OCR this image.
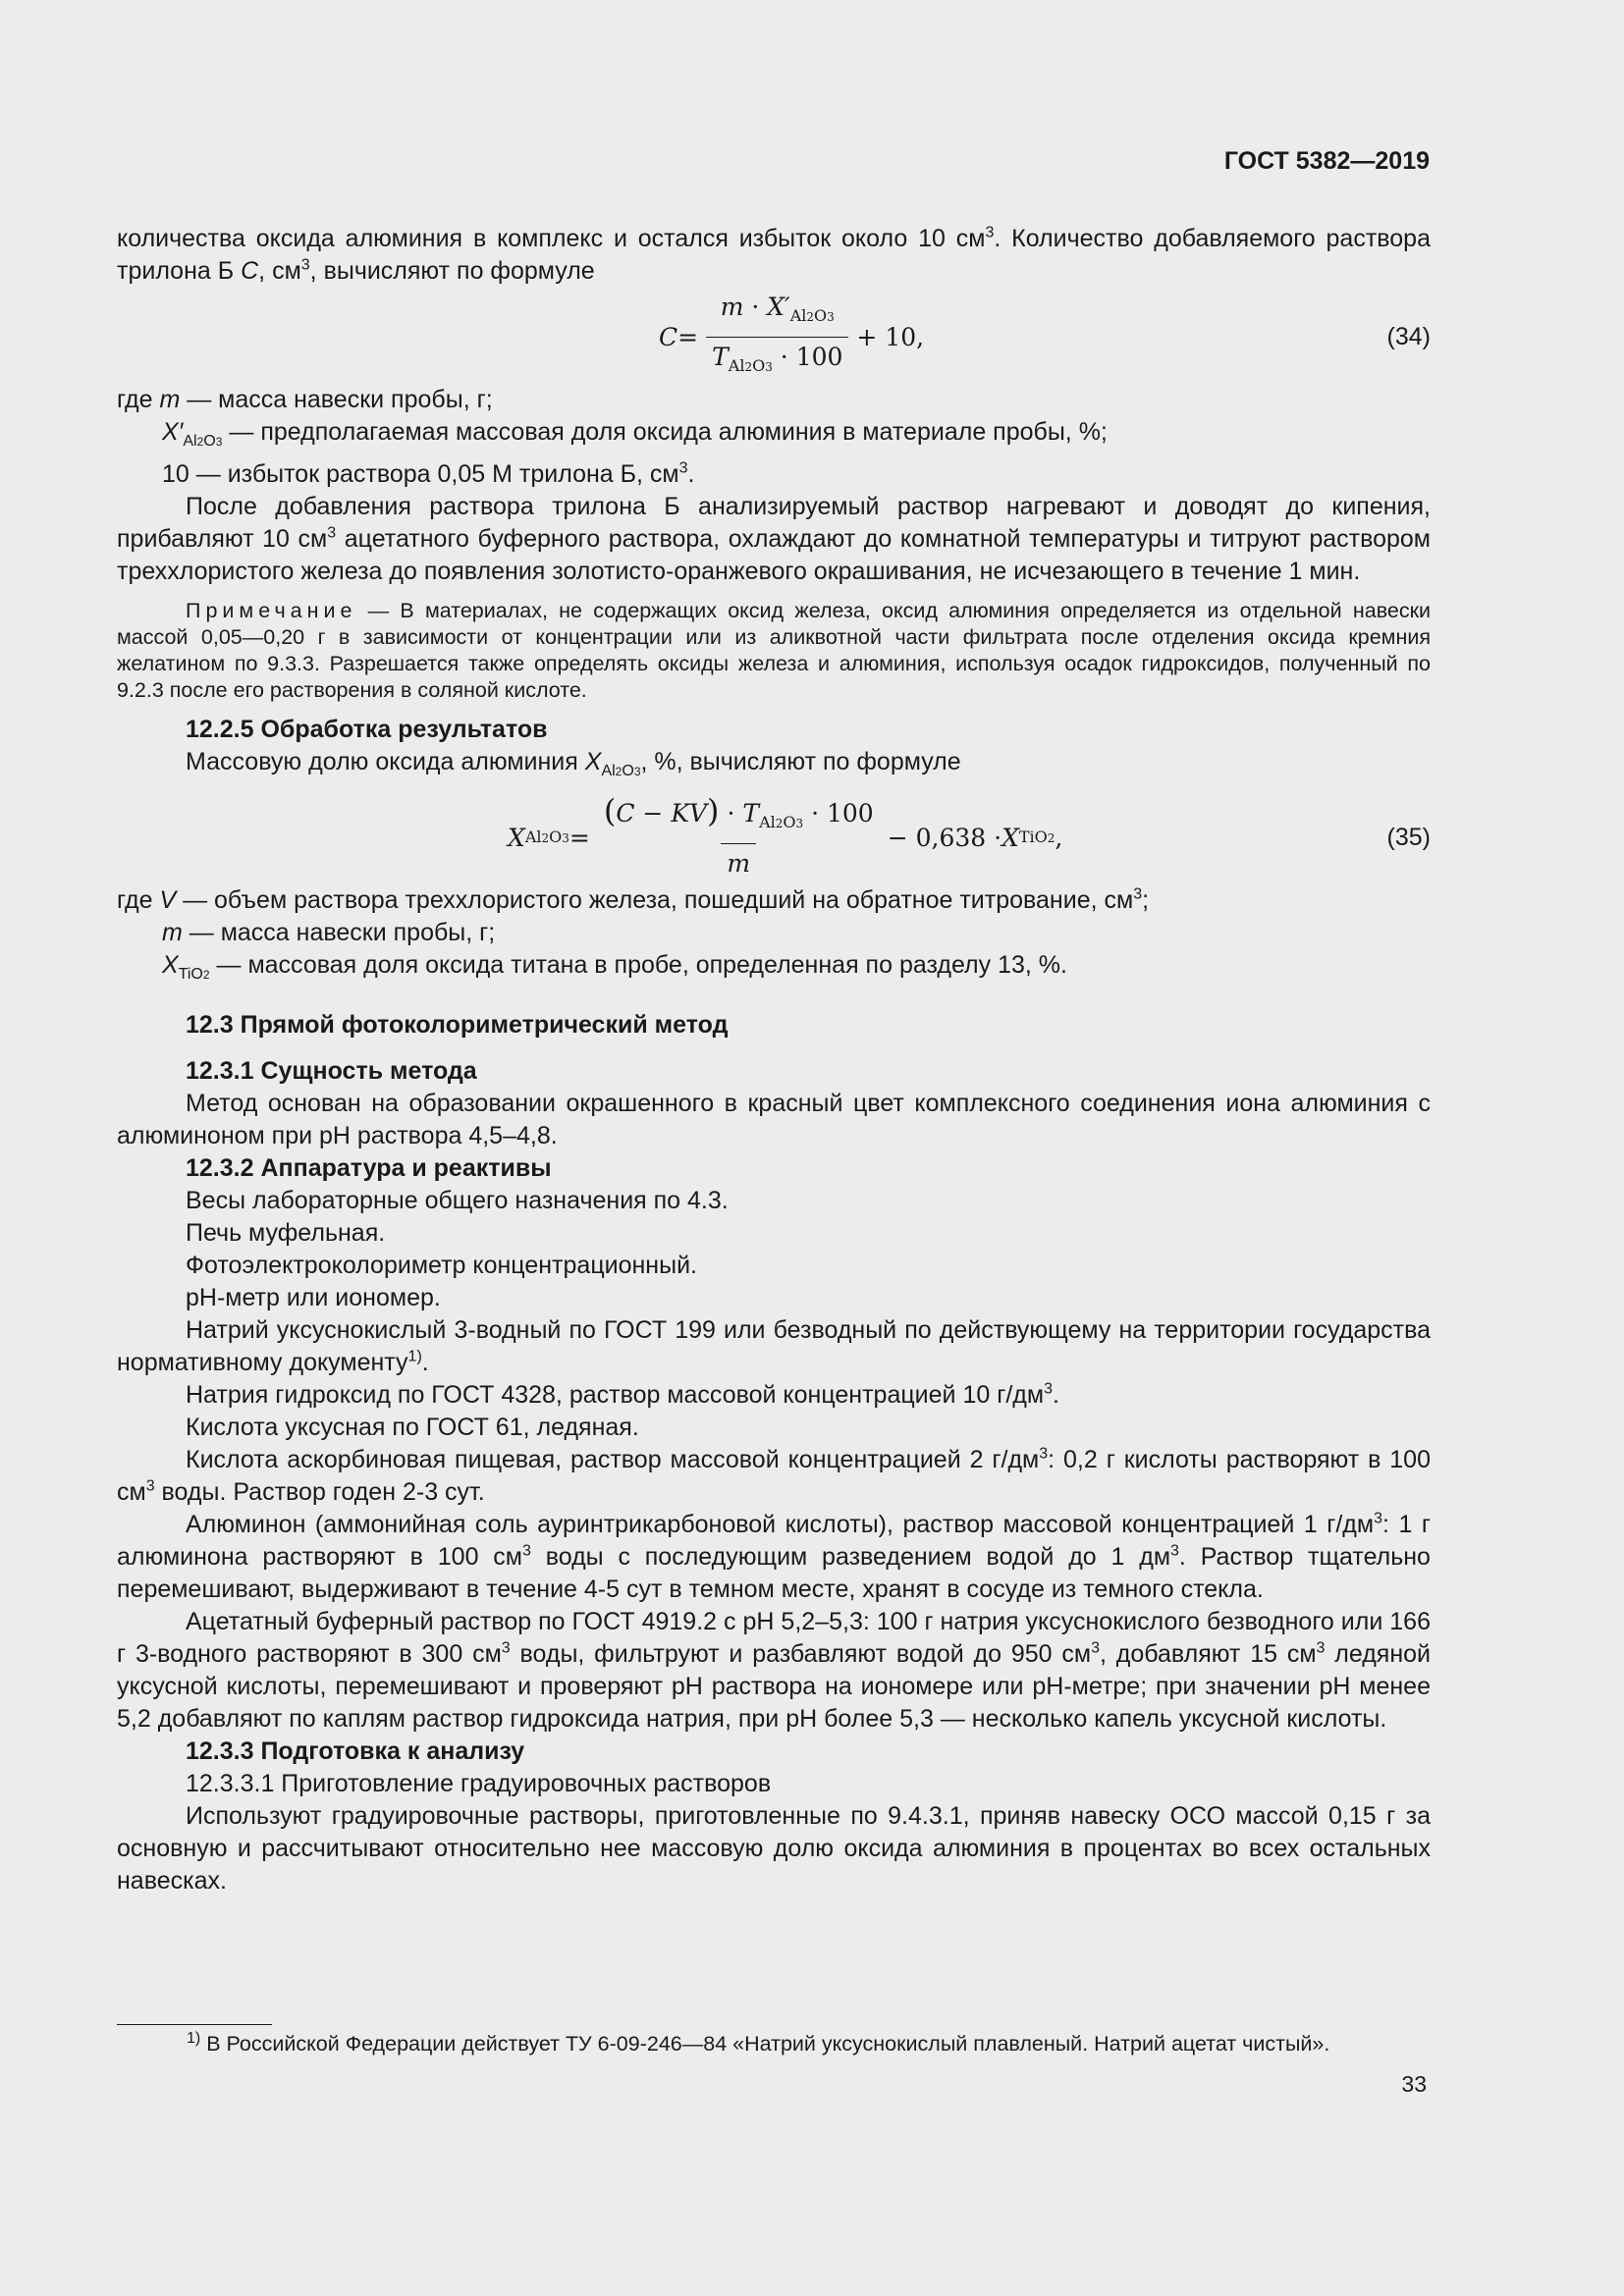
ГОСТ 5382—2019

количества оксида алюминия в комплекс и остался избыток около 10 $см^3$. Количество добавляемого раствора трилона Б C, $см^3$, вычисляют по формуле

$C = \frac{m \cdot X'_{Al2O3}}{T_{Al2O3} \cdot 100} + 10$,	(34)

где m — масса навески пробы, г;

$X'_{Al2O3}$ — предполагаемая массовая доля оксида алюминия в материале пробы, %;

10 — избыток раствора 0,05 М трилона Б, $см^3$.

После добавления раствора трилона Б анализируемый раствор нагревают и доводят до кипения, прибавляют 10 $см^3$ ацетатного буферного раствора, охлаждают до комнатной температуры и титруют раствором треххлористого железа до появления золотисто-оранжевого окрашивания, не исчезающего в течение 1 мин.

Примечание — В материалах, не содержащих оксид железа, оксид алюминия определяется из отдельной навески массой 0,05—0,20 г в зависимости от концентрации или из аликвотной части фильтрата после отделения оксида кремния желатином по 9.3.3. Разрешается также определять оксиды железа и алюминия, используя осадок гидроксидов, полученный по 9.2.3 после его растворения в соляной кислоте.

12.2.5 Обработка результатов

Массовую долю оксида алюминия $X_{Al2O3}$, %, вычисляют по формуле

X $Al2O3 = \frac{(C - KV) \cdot T_{Al2O3} \cdot 100}{m} - 0,638 \cdot X$ TiO2 ,	(35)

где V — объем раствора треххлористого железа, пошедший на обратное титрование, $см^3$;

m — масса навески пробы, г;

$X_{TiO2}$ — массовая доля оксида титана в пробе, определенная по разделу 13, %.

12.3 Прямой фотоколориметрический метод

12.3.1 Сущность метода

Метод основан на образовании окрашенного в красный цвет комплексного соединения иона алюминия с алюминоном при pH раствора 4,5–4,8.

12.3.2 Аппаратура и реактивы

Весы лабораторные общего назначения по 4.3.

Печь муфельная.

Фотоэлектроколориметр концентрационный.

pH-метр или иономер.

Натрий уксуснокислый 3-водный по ГОСТ 199 или безводный по действующему на территории государства нормативному документу$^{1)}$.

Натрия гидроксид по ГОСТ 4328, раствор массовой концентрацией 10 $г/дм^3$.

Кислота уксусная по ГОСТ 61, ледяная.

Кислота аскорбиновая пищевая, раствор массовой концентрацией 2 $г/дм^3$: 0,2 г кислоты растворяют в 100 $см^3$ воды. Раствор годен 2-3 сут.

Алюминон (аммонийная соль ауринтрикарбоновой кислоты), раствор массовой концентрацией 1 $г/дм^3$: 1 г алюминона растворяют в 100 $см^3$ воды с последующим разведением водой до 1 $дм^3$. Раствор тщательно перемешивают, выдерживают в течение 4-5 сут в темном месте, хранят в сосуде из темного стекла.

Ацетатный буферный раствор по ГОСТ 4919.2 с pH 5,2–5,3: 100 г натрия уксуснокислого безводного или 166 г 3-водного растворяют в 300 $см^3$ воды, фильтруют и разбавляют водой до 950 $см^3$, добавляют 15 $см^3$ ледяной уксусной кислоты, перемешивают и проверяют pH раствора на иономере или pH-метре; при значении pH менее 5,2 добавляют по каплям раствор гидроксида натрия, при pH более 5,3 — несколько капель уксусной кислоты.

12.3.3 Подготовка к анализу

12.3.3.1 Приготовление градуировочных растворов

Используют градуировочные растворы, приготовленные по 9.4.3.1, приняв навеску ОСО массой 0,15 г за основную и рассчитывают относительно нее массовую долю оксида алюминия в процентах во всех остальных навесках.

$^{1)}$ В Российской Федерации действует ТУ 6-09-246—84 «Натрий уксуснокислый плавленый. Натрий ацетат чистый».
33
